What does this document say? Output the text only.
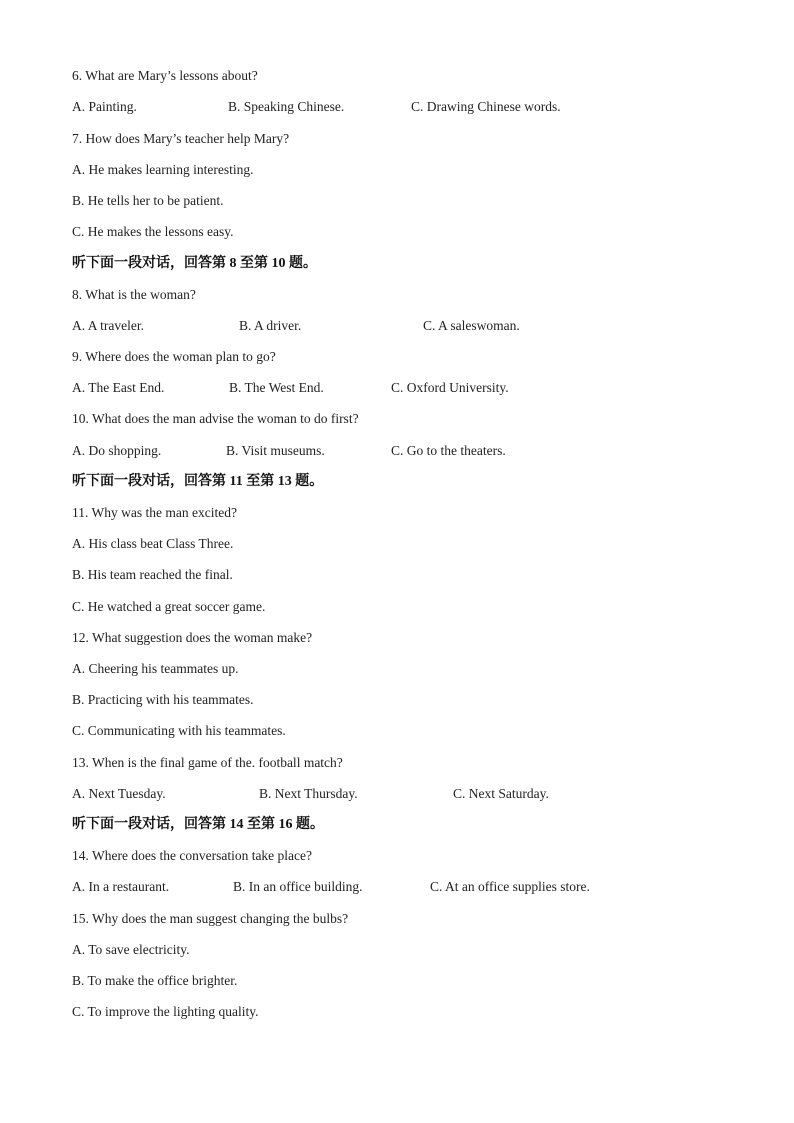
6. What are Mary’s lessons about?
A. Painting.	B. Speaking Chinese.	C. Drawing Chinese words.
7. How does Mary’s teacher help Mary?
A. He makes learning interesting.
B. He tells her to be patient.
C. He makes the lessons easy.
听下面一段对话，回答第 8 至第 10 题。
8. What is the woman?
A. A traveler.	B. A driver.	C. A saleswoman.
9. Where does the woman plan to go?
A. The East End.	B. The West End.	C. Oxford University.
10. What does the man advise the woman to do first?
A. Do shopping.	B. Visit museums.	C. Go to the theaters.
听下面一段对话，回答第 11 至第 13 题。
11. Why was the man excited?
A. His class beat Class Three.
B. His team reached the final.
C. He watched a great soccer game.
12. What suggestion does the woman make?
A. Cheering his teammates up.
B. Practicing with his teammates.
C. Communicating with his teammates.
13. When is the final game of the. football match?
A. Next Tuesday.	B. Next Thursday.	C. Next Saturday.
听下面一段对话，回答第 14 至第 16 题。
14. Where does the conversation take place?
A. In a restaurant.	B. In an office building.	C. At an office supplies store.
15. Why does the man suggest changing the bulbs?
A. To save electricity.
B. To make the office brighter.
C. To improve the lighting quality.
